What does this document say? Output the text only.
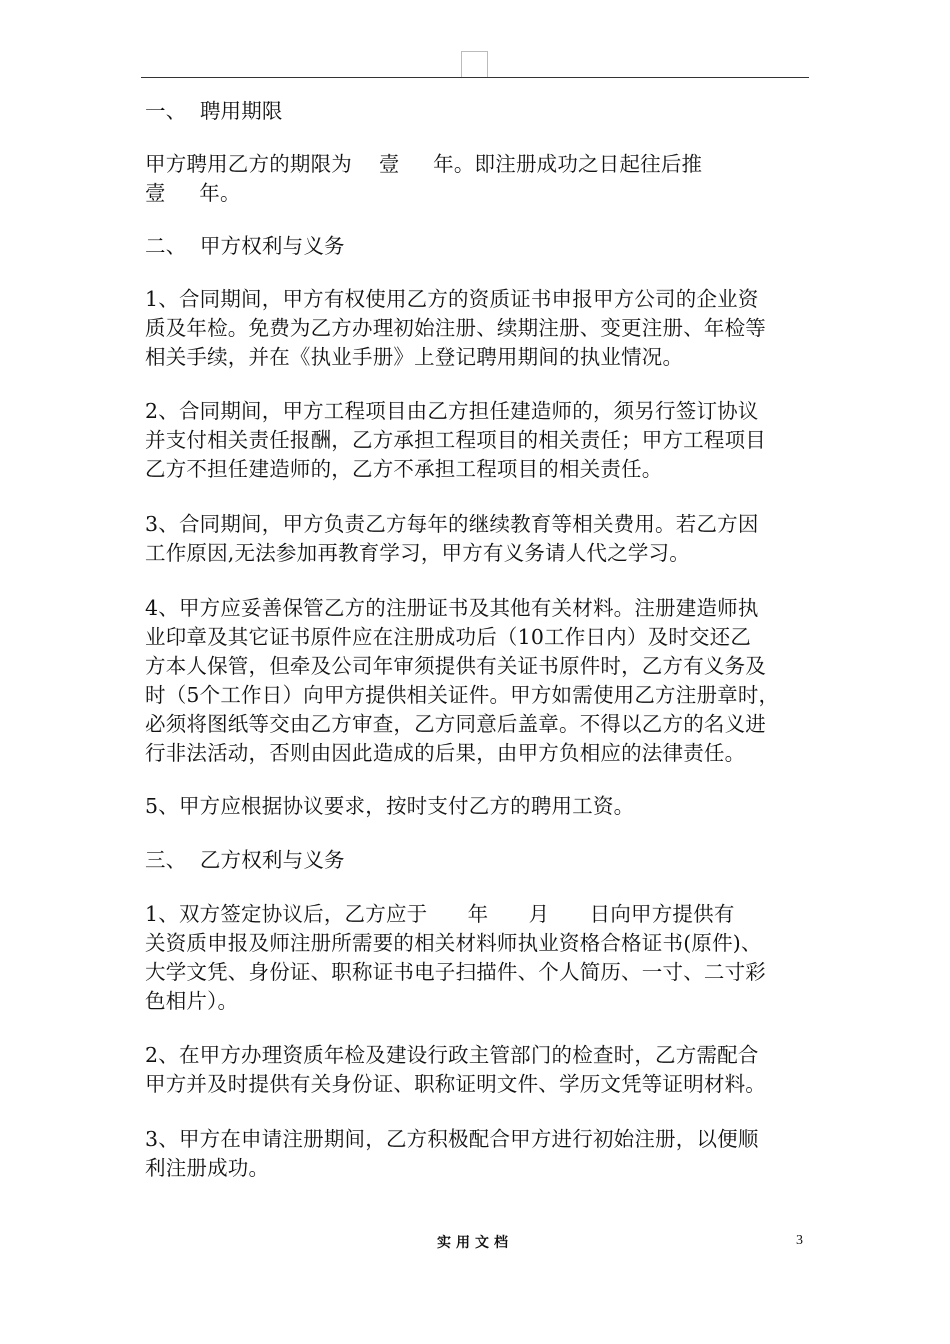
一、  聘用期限

甲方聘用乙方的期限为    壹     年。即注册成功之日起往后推
壹     年。

二、  甲方权利与义务

1、合同期间，甲方有权使用乙方的资质证书申报甲方公司的企业资
质及年检。免费为乙方办理初始注册、续期注册、变更注册、年检等
相关手续，并在《执业手册》上登记聘用期间的执业情况。

2、合同期间，甲方工程项目由乙方担任建造师的，须另行签订协议
并支付相关责任报酬，乙方承担工程项目的相关责任；甲方工程项目
乙方不担任建造师的，乙方不承担工程项目的相关责任。

3、合同期间，甲方负责乙方每年的继续教育等相关费用。若乙方因
工作原因,无法参加再教育学习，甲方有义务请人代之学习。

4、甲方应妥善保管乙方的注册证书及其他有关材料。注册建造师执
业印章及其它证书原件应在注册成功后（10工作日内）及时交还乙
方本人保管，但牵及公司年审须提供有关证书原件时，乙方有义务及
时（5个工作日）向甲方提供相关证件。甲方如需使用乙方注册章时，
必须将图纸等交由乙方审查，乙方同意后盖章。不得以乙方的名义进
行非法活动，否则由因此造成的后果，由甲方负相应的法律责任。

5、甲方应根据协议要求，按时支付乙方的聘用工资。

三、  乙方权利与义务

1、双方签定协议后，乙方应于      年      月      日向甲方提供有
关资质申报及师注册所需要的相关材料师执业资格合格证书(原件)、
大学文凭、身份证、职称证书电子扫描件、个人简历、一寸、二寸彩
色相片）。

2、在甲方办理资质年检及建设行政主管部门的检查时，乙方需配合
甲方并及时提供有关身份证、职称证明文件、学历文凭等证明材料。

3、甲方在申请注册期间，乙方积极配合甲方进行初始注册，以便顺
利注册成功。

实用文档	3
